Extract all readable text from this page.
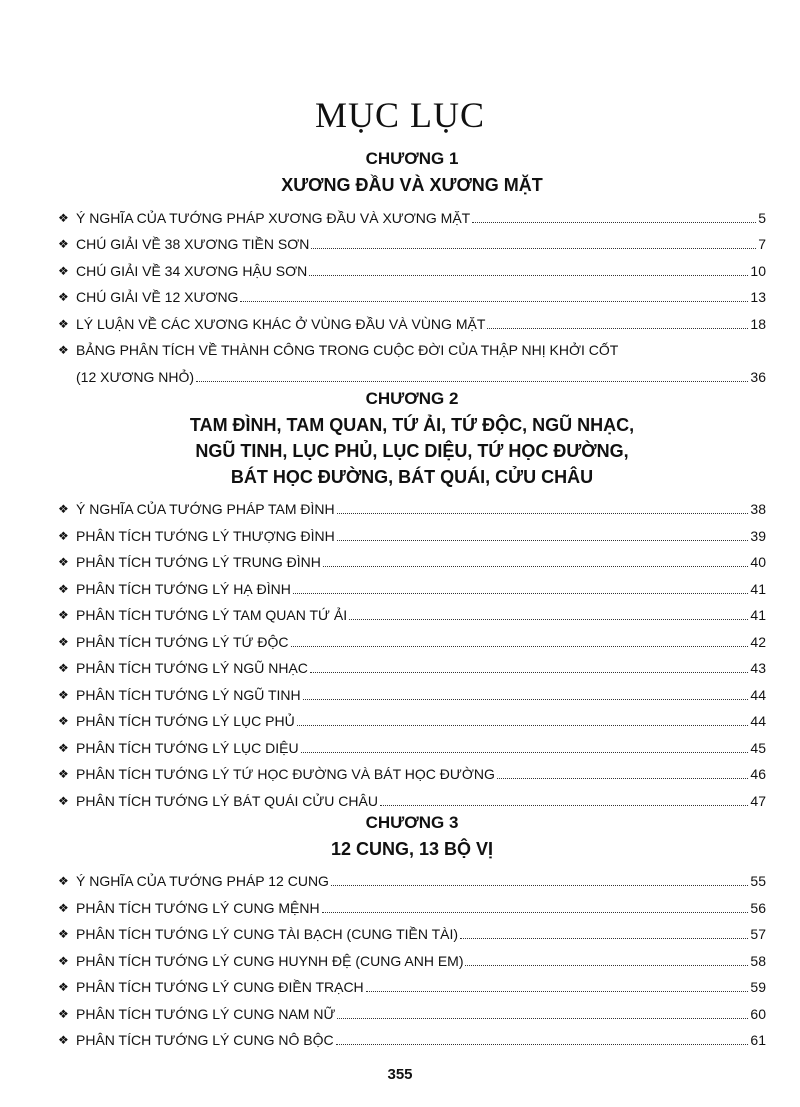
MỤC LỤC
CHƯƠNG 1
XƯƠNG ĐẦU VÀ XƯƠNG MẶT
❖ Ý NGHĨA CỦA TƯỚNG PHÁP XƯƠNG ĐẦU VÀ XƯƠNG MẶT	5
❖ CHÚ GIẢI VỀ 38 XƯƠNG TIỀN SƠN	7
❖ CHÚ GIẢI VỀ 34 XƯƠNG HẬU SƠN	10
❖ CHÚ GIẢI VỀ 12 XƯƠNG	13
❖ LÝ LUẬN VỀ CÁC XƯƠNG KHÁC Ở VÙNG ĐẦU VÀ VÙNG MẶT	18
❖ BẢNG PHÂN TÍCH VỀ THÀNH CÔNG TRONG CUỘC ĐỜI CỦA THẬP NHỊ KHỞI CỐT
(12 XƯƠNG NHỎ)	36
CHƯƠNG 2
TAM ĐÌNH, TAM QUAN, TỨ ẢI, TỨ ĐỘC, NGŨ NHẠC,
NGŨ TINH, LỤC PHỦ, LỤC DIỆU, TỨ HỌC ĐƯỜNG,
BÁT HỌC ĐƯỜNG, BÁT QUÁI, CỬU CHÂU
❖ Ý NGHĨA CỦA TƯỚNG PHÁP TAM ĐÌNH	38
❖ PHÂN TÍCH TƯỚNG LÝ THƯỢNG ĐÌNH	39
❖ PHÂN TÍCH TƯỚNG LÝ TRUNG ĐÌNH	40
❖ PHÂN TÍCH TƯỚNG LÝ HẠ ĐÌNH	41
❖ PHÂN TÍCH TƯỚNG LÝ TAM QUAN TỨ ẢI	41
❖ PHÂN TÍCH TƯỚNG LÝ TỨ ĐỘC	42
❖ PHÂN TÍCH TƯỚNG LÝ NGŨ NHẠC	43
❖ PHÂN TÍCH TƯỚNG LÝ NGŨ TINH	44
❖ PHÂN TÍCH TƯỚNG LÝ LỤC PHỦ	44
❖ PHÂN TÍCH TƯỚNG LÝ LỤC DIỆU	45
❖ PHÂN TÍCH TƯỚNG LÝ TỨ HỌC ĐƯỜNG VÀ BÁT HỌC ĐƯỜNG	46
❖ PHÂN TÍCH TƯỚNG LÝ BÁT QUÁI CỬU CHÂU	47
CHƯƠNG 3
12 CUNG, 13 BỘ VỊ
❖ Ý NGHĨA CỦA TƯỚNG PHÁP 12 CUNG	55
❖ PHÂN TÍCH TƯỚNG LÝ CUNG MỆNH	56
❖ PHÂN TÍCH TƯỚNG LÝ CUNG TÀI BẠCH (CUNG TIỀN TÀI)	57
❖ PHÂN TÍCH TƯỚNG LÝ CUNG HUYNH ĐỆ (CUNG ANH EM)	58
❖ PHÂN TÍCH TƯỚNG LÝ CUNG ĐIỀN TRẠCH	59
❖ PHÂN TÍCH TƯỚNG LÝ CUNG NAM NỮ	60
❖ PHÂN TÍCH TƯỚNG LÝ CUNG NÔ BỘC	61
355
